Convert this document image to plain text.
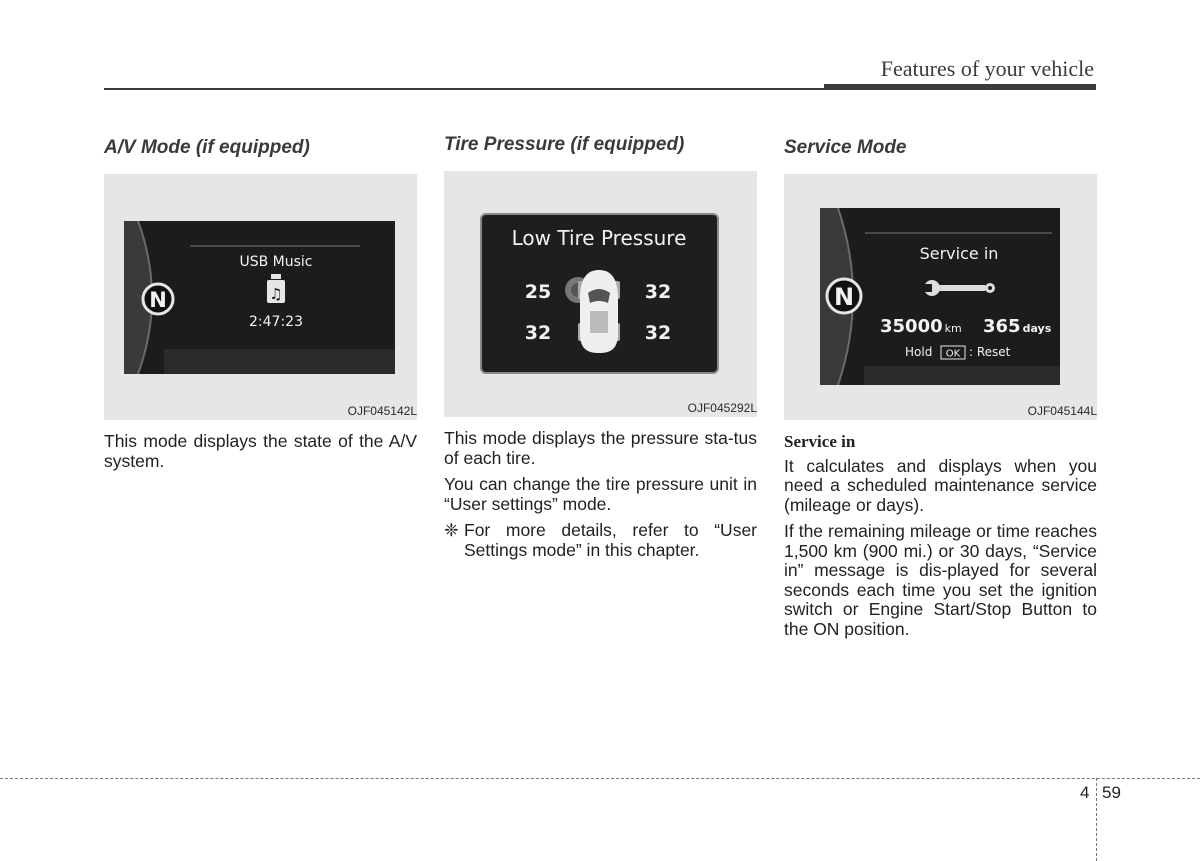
Features of your vehicle
A/V Mode (if equipped)
N
USB Music
♫
2:47:23
OJF045142L

This mode displays the state of the A/V system.

Tire Pressure (if equipped)
Low Tire Pressure
25	32
32	32
OJF045292L

This mode displays the pressure sta-tus of each tire.

You can change the tire pressure unit in “User settings” mode.

❈ For more details, refer to “User Settings mode” in this chapter.
Service Mode
N
Service in
35000 km 365 days
Hold OK : Reset
OJF045144L
Service in

It calculates and displays when you need a scheduled maintenance service (mileage or days).

If the remaining mileage or time reaches 1,500 km (900 mi.) or 30 days, “Service in” message is dis-played for several seconds each time you set the ignition switch or Engine Start/Stop Button to the ON position.

4 59
